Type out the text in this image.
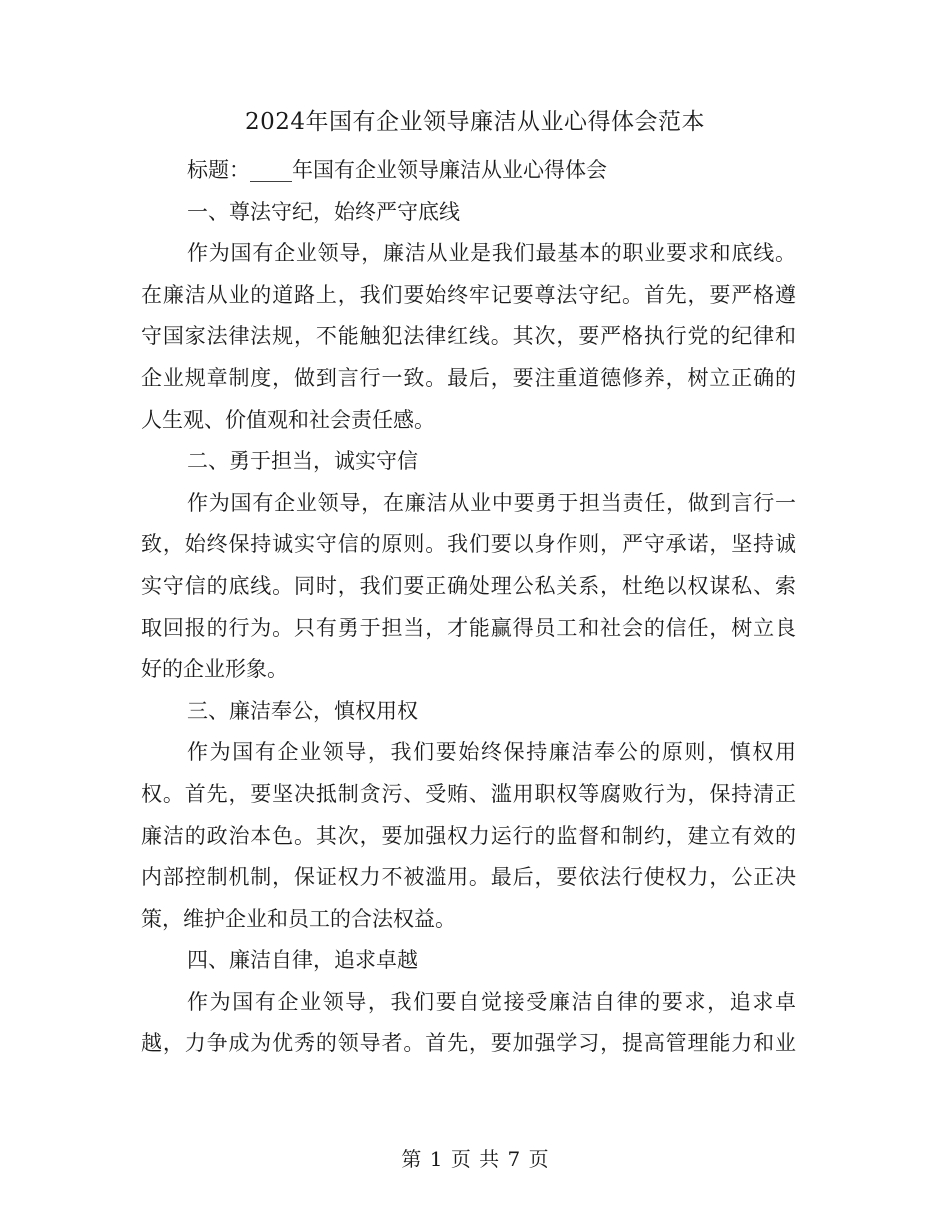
2024年国有企业领导廉洁从业心得体会范本
标题：____年国有企业领导廉洁从业心得体会
一、尊法守纪，始终严守底线
作为国有企业领导，廉洁从业是我们最基本的职业要求和底线。
在廉洁从业的道路上，我们要始终牢记要尊法守纪。首先，要严格遵
守国家法律法规，不能触犯法律红线。其次，要严格执行党的纪律和
企业规章制度，做到言行一致。最后，要注重道德修养，树立正确的
人生观、价值观和社会责任感。
二、勇于担当，诚实守信
作为国有企业领导，在廉洁从业中要勇于担当责任，做到言行一
致，始终保持诚实守信的原则。我们要以身作则，严守承诺，坚持诚
实守信的底线。同时，我们要正确处理公私关系，杜绝以权谋私、索
取回报的行为。只有勇于担当，才能赢得员工和社会的信任，树立良
好的企业形象。
三、廉洁奉公，慎权用权
作为国有企业领导，我们要始终保持廉洁奉公的原则，慎权用
权。首先，要坚决抵制贪污、受贿、滥用职权等腐败行为，保持清正
廉洁的政治本色。其次，要加强权力运行的监督和制约，建立有效的
内部控制机制，保证权力不被滥用。最后，要依法行使权力，公正决
策，维护企业和员工的合法权益。
四、廉洁自律，追求卓越
作为国有企业领导，我们要自觉接受廉洁自律的要求，追求卓
越，力争成为优秀的领导者。首先，要加强学习，提高管理能力和业
第 1 页 共 7 页
